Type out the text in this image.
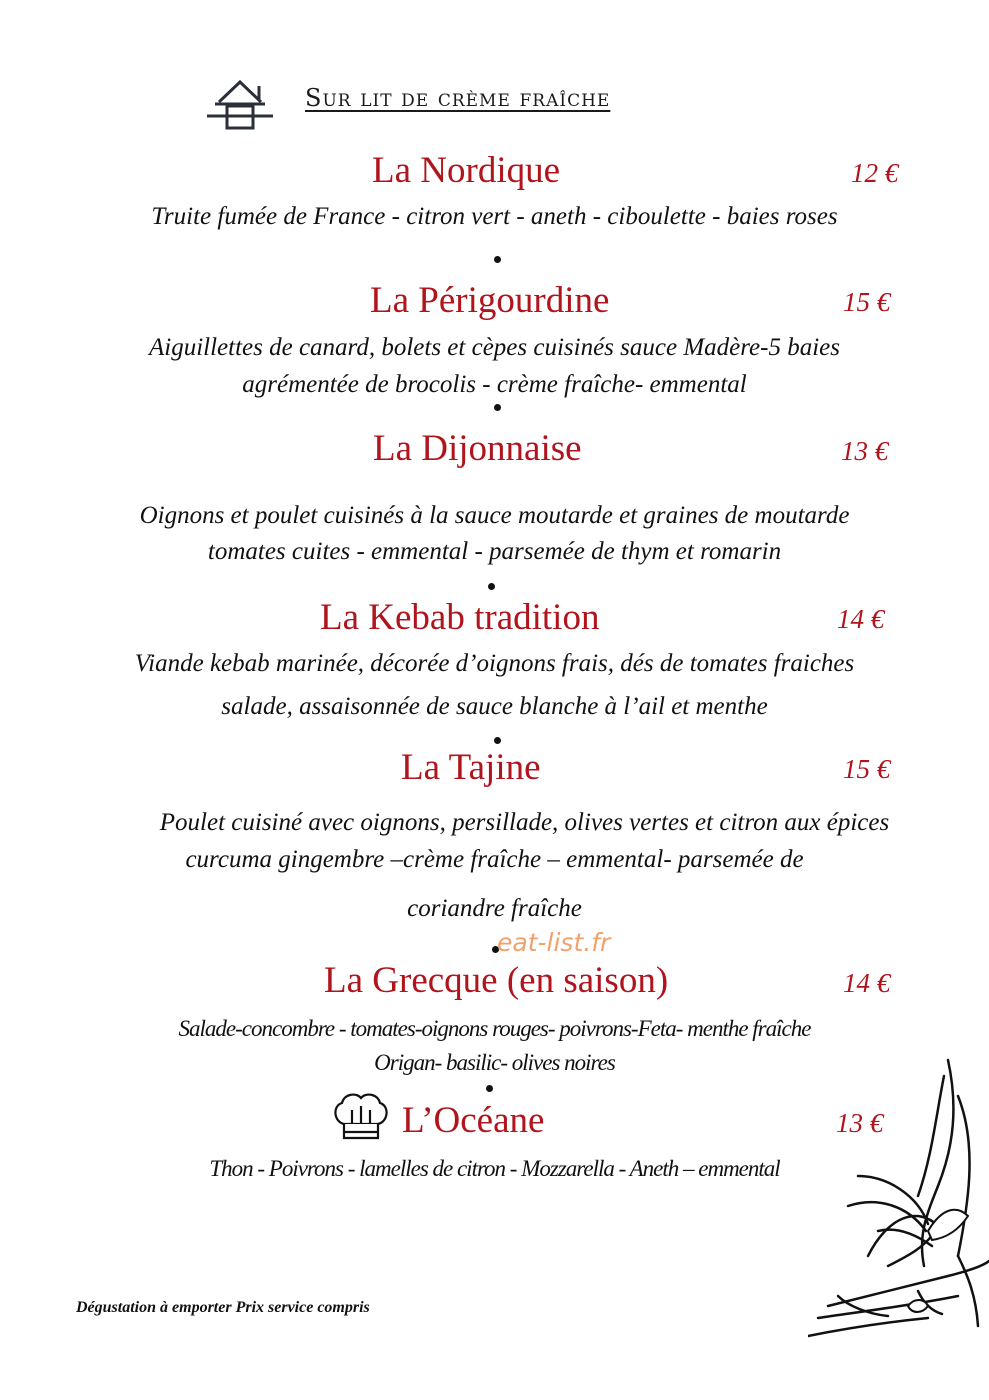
Sur lit de crème fraîche
La Nordique	12 €
Truite fumée de France - citron vert - aneth - ciboulette - baies roses
La Périgourdine	15 €
Aiguillettes de canard, bolets et cèpes cuisinés sauce Madère-5 baies
agrémentée de brocolis - crème fraîche- emmental
La Dijonnaise	13 €
Oignons et poulet cuisinés à la sauce moutarde et graines de moutarde
tomates cuites - emmental - parsemée de thym et romarin
La Kebab tradition	14 €
Viande kebab marinée, décorée d’oignons frais, dés de tomates fraiches
salade, assaisonnée de sauce blanche à l’ail et menthe
La Tajine	15 €
Poulet cuisiné avec oignons, persillade, olives vertes et citron aux épices
curcuma gingembre –crème fraîche – emmental- parsemée de
coriandre fraîche
eat-list.fr
La Grecque (en saison)	14 €
Salade-concombre - tomates-oignons rouges- poivrons-Feta- menthe fraîche
Origan- basilic- olives noires
L’Océane	13 €
Thon - Poivrons - lamelles de citron - Mozzarella - Aneth – emmental
Dégustation à emporter Prix service compris
